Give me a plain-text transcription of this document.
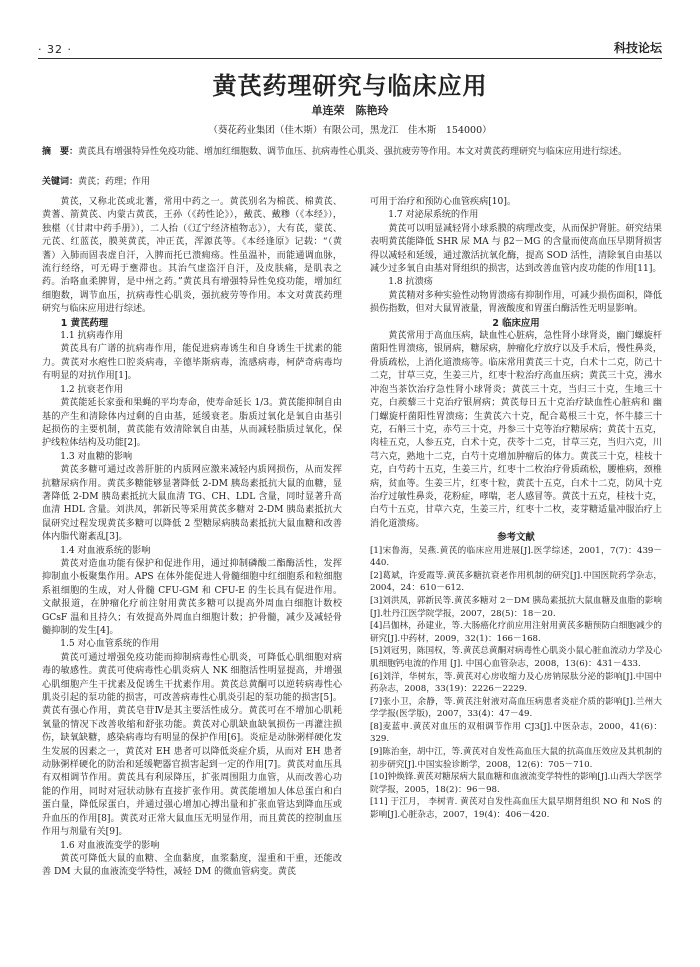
· 32 ·	科技论坛
黄芪药理研究与临床应用
单连荣　陈艳玲
（葵花药业集团（佳木斯）有限公司，黑龙江　佳木斯　154000）
摘　要：黄芪具有增强特异性免疫功能、增加红细胞数、调节血压、抗病毒性心肌炎、强抗疲劳等作用。本文对黄芪药理研究与临床应用进行综述。
关键词：黄芪；药理；作用

黄芪，又称北芪或北蓍，常用中药之一。黄芪别名为棉芪、棉黄芪、黄蓍、箭黄芪、内蒙古黄芪，王孙（《药性论》），戴芪、戴糁（《本经》），独椹（《甘肃中药手册》），二人抬（《辽宁经济植物志》），大有芪，蒙芪、元芪、红蓝芪，膜荚黄芪，冲正芪，浑源芪等。《本经逢原》记载：“（黄蓍）入肺而固表虚自汗，入脾而托已溃痈疡。性虽温补，而能通调血脉，流行经络，可无碍于壅滞也。其治气虚盗汗自汗，及皮肤痛，是肌表之药。治咯血柔脾胃，是中州之药。”黄芪具有增强特异性免疫功能，增加红细胞数，调节血压，抗病毒性心肌炎，强抗疲劳等作用。本文对黄芪药理研究与临床应用进行综述。

1 黄芪药理

1.1 抗病毒作用

黄芪具有广谱的抗病毒作用，能促进病毒诱生和自身诱生干扰素的能力。黄芪对水疱性口腔炎病毒，辛德毕斯病毒，流感病毒，柯萨奇病毒均有明显的对抗作用[1]。

1.2 抗衰老作用

黄芪能延长家蚕和果蝇的平均寿命，使寿命延长 1/3。黄芪能抑制自由基的产生和清除体内过剩的自由基，延缓衰老。脂质过氧化是氧自由基引起损伤的主要机制，黄芪能有效清除氧自由基，从而减轻脂质过氧化，保护线粒体结构及功能[2]。

1.3 对血糖的影响

黄芪多糖可通过改善肝脏的内质网应激来减轻内质网损伤，从而发挥抗糖尿病作用。黄芪多糖能够显著降低 2-DM 胰岛素抵抗大鼠的血糖，显著降低 2-DM 胰岛素抵抗大鼠血清 TG、CH、LDL 含量，同时显著升高血清 HDL 含量。刘洪凤，郭新民等采用黄芪多糖对 2-DM 胰岛素抵抗大鼠研究过程发现黄芪多糖可以降低 2 型糖尿病胰岛素抵抗大鼠血糖和改善体内脂代谢紊乱[3]。

1.4 对血液系统的影响

黄芪对造血功能有保护和促进作用，通过抑制磷酸二酯酶活性，发挥抑制血小板聚集作用。APS 在体外能促进人骨髓细胞中红细胞系和粒细胞系祖细胞的生成，对人骨髓 CFU-GM 和 CFU-E 的生长具有促进作用。文献报道，在肿瘤化疗前注射用黄芪多糖可以提高外周血白细胞计数校 GCsF 温和且持久；有效提高外周血白细胞计数；护骨髓，减少及减轻骨髓抑制的发生[4]。

1.5 对心血管系统的作用

黄芪可通过增强免疫功能而抑制病毒性心肌炎，可降低心肌细胞对病毒的敏感性。黄芪可使病毒性心肌炎病人 NK 细胞活性明显提高，并增强心肌细胞产生干扰素及促诱生干扰素作用。黄芪总黄酮可以逆转病毒性心肌炎引起的泵功能的损害，可改善病毒性心肌炎引起的泵功能的损害[5]。黄芪有强心作用，黄芪皂苷Ⅳ是其主要活性成分。黄芪可在不增加心肌耗氧量的情况下改善收缩和舒张功能。黄芪对心肌缺血缺氧损伤一再灌注损伤，缺氧缺糖，感染病毒均有明显的保护作用[6]。炎症是动脉粥样硬化发生发展的因素之一，黄芪对 EH 患者可以降低炎症介质，从而对 EH 患者动脉粥样硬化的防治和延缓靶器官损害起到一定的作用[7]。黄芪对血压具有双相调节作用。黄芪具有利尿降压，扩张周围阻力血管，从而改善心功能的作用，同时对冠状动脉有直接扩张作用。黄芪能增加人体总蛋白和白蛋白量，降低尿蛋白，并通过强心增加心搏出量和扩张血管达到降血压或升血压的作用[8]。黄芪对正常大鼠血压无明显作用，而且黄芪的控制血压作用与剂量有关[9]。

1.6 对血液流变学的影响

黄芪可降低大鼠的血糖、全血黏度，血浆黏度，湿重和干重，还能改善 DM 大鼠的血液流变学特性，减轻 DM 的微血管病变。黄芪

可用于治疗和预防心血管疾病[10]。

1.7 对泌尿系统的作用

黄芪可以明显减轻肾小球系膜的病理改变，从而保护肾脏。研究结果表明黄芪能降低 SHR 尿 MA 与 β2－MG 的含量而使高血压早期肾损害得以减轻和延缓，通过激活抗氧化酶，提高 SOD 活性，清除氧自由基以减少过多氧自由基对肾组织的损害，达到改善血管内皮功能的作用[11]。

1.8 抗溃疡

黄芪精对多种实验性动物胃溃疡有抑制作用，可减少损伤面积，降低损伤指数，但对大鼠胃液量，胃液酸度和胃蛋白酶活性无明显影响。

2 临床应用

黄芪常用于高血压病，缺血性心脏病，急性肾小球肾炎，幽门螺旋杆菌阳性胃溃疡，银屑病，糖尿病，肿瘤化疗放疗以及手术后，慢性鼻炎，骨质疏松，上消化道溃疡等。临床常用黄芪三十克，白术十二克，防己十二克，甘草三克，生姜三片，红枣十粒治疗高血压病；黄芪三十克，沸水冲泡当茶饮治疗急性肾小球肾炎；黄芪三十克，当归三十克，生地三十克，白蒺藜三十克治疗银屑病；黄芪每日五十克治疗缺血性心脏病和 幽门螺旋杆菌阳性胃溃疡；生黄芪六十克，配合葛根三十克，怀牛膝三十克，石斛三十克，赤芍三十克，丹参三十克等治疗糖尿病；黄芪十五克，肉桂五克，人参五克，白术十克，茯苓十二克，甘草三克，当归六克，川芎六克，熟地十二克，白芍十克增加肿瘤后的体力。黄芪三十克，桂枝十克，白芍药十五克，生姜三片，红枣十二枚治疗骨质疏松，腰椎病，颈椎病，贫血等。生姜三片，红枣十粒，黄芪十五克，白术十二克，防风十克治疗过敏性鼻炎，花粉症，哮喘，老人感冒等。黄芪十五克，桂枝十克，白芍十五克，甘草六克，生姜三片，红枣十二枚，麦芽糖适量冲服治疗上消化道溃疡。

参考文献

[1]宋鲁海，吴燕.黄芪的临床应用进展[J].医学综述，2001，7(7)：439－440.
[2]葛斌，许爱霞等.黄芪多糖抗衰老作用机制的研究[J].中国医院药学杂志，2004，24：610－612.
[3]刘洪凤，郭新民等.黄芪多糖对 2－DM 胰岛素抵抗大鼠血糖及血脂的影响[J].牡丹江医学院学报，2007，28(5)：18－20.
[4]吕伽林，孙建业，等.大肠癌化疗前应用注射用黄芪多糖预防白细胞减少的研究[J].中药材，2009，32(1)：166－168.
[5]刘冠男，陈国权，等.黄芪总黄酮对病毒性心肌炎小鼠心脏血流动力学及心肌细胞钙电流的作用 [J]. 中国心血管杂志，2008，13(6)：431－433.
[6]刘洋，华树东，等.黄芪对心房收缩力及心房钠尿肽分泌的影响[J].中国中药杂志，2008，33(19)：2226－2229.
[7]张小卫，余静，等.黄芪注射液对高血压病患者炎症介质的影响[J].兰州大学学报(医学版)，2007，33(4)：47－49.
[8]麦蓝申.黄芪对血压的双相调节作用 CJ3[J].中医杂志，2000，41(6)：329.
[9]陈治奎，胡中江，等.黄芪对自发性高血压大鼠的抗高血压效应及其机制的初步研究[J].中国实验诊断学，2008，12(6)：705－710.
[10]钟焕锋.黄芪对糖尿病大鼠血糖和血液流变学特性的影响[J].山西大学医学院学报，2005，18(2)：96－98.
[11] 于江月， 李树青. 黄芪对自发性高血压大鼠早期肾组织 NO 和 NoS 的影响[J].心脏杂志，2007，19(4)：406－420.
